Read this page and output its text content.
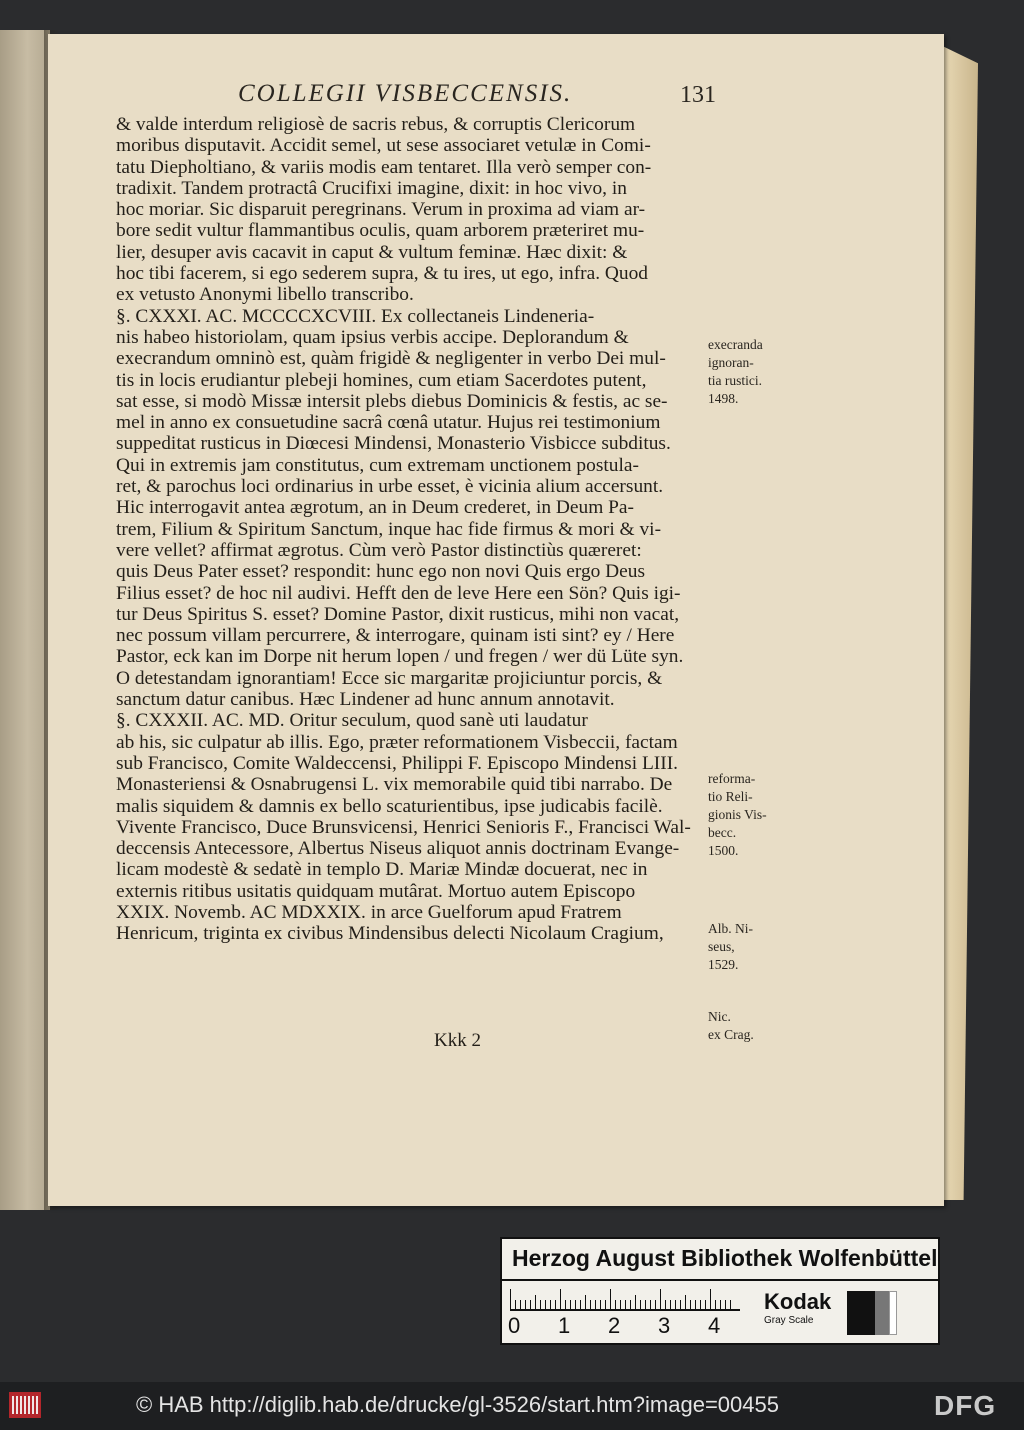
COLLEGII VISBECCENSIS.	131
& valde interdum religiosè de sacris rebus, & corruptis Clericorum
moribus disputavit. Accidit semel, ut sese associaret vetulæ in Comi-
tatu Diepholtiano, & variis modis eam tentaret. Illa verò semper con-
tradixit. Tandem protractâ Crucifixi imagine, dixit: in hoc vivo, in
hoc moriar. Sic disparuit peregrinans. Verum in proxima ad viam ar-
bore sedit vultur flammantibus oculis, quam arborem præteriret mu-
lier, desuper avis cacavit in caput & vultum feminæ. Hæc dixit: &
hoc tibi facerem, si ego sederem supra, & tu ires, ut ego, infra. Quod
ex vetusto Anonymi libello transcribo.
§. CXXXI. AC. MCCCCXCVIII. Ex collectaneis Lindeneria-
nis habeo historiolam, quam ipsius verbis accipe. Deplorandum &
execrandum omninò est, quàm frigidè & negligenter in verbo Dei mul-
tis in locis erudiantur plebeji homines, cum etiam Sacerdotes putent,
sat esse, si modò Missæ intersit plebs diebus Dominicis & festis, ac se-
mel in anno ex consuetudine sacrâ cœnâ utatur. Hujus rei testimonium
suppeditat rusticus in Diœcesi Mindensi, Monasterio Visbicce subditus.
Qui in extremis jam constitutus, cum extremam unctionem postula-
ret, & parochus loci ordinarius in urbe esset, è vicinia alium accersunt.
Hic interrogavit antea ægrotum, an in Deum crederet, in Deum Pa-
trem, Filium & Spiritum Sanctum, inque hac fide firmus & mori & vi-
vere vellet? affirmat ægrotus. Cùm verò Pastor distinctiùs quæreret:
quis Deus Pater esset? respondit: hunc ego non novi Quis ergo Deus
Filius esset? de hoc nil audivi. Hefft den de leve Here een Sön? Quis igi-
tur Deus Spiritus S. esset? Domine Pastor, dixit rusticus, mihi non vacat,
nec possum villam percurrere, & interrogare, quinam isti sint? ey / Here
Pastor, eck kan im Dorpe nit herum lopen / und fregen / wer dü Lüte syn.
O detestandam ignorantiam! Ecce sic margaritæ projiciuntur porcis, &
sanctum datur canibus. Hæc Lindener ad hunc annum annotavit.
§. CXXXII. AC. MD. Oritur seculum, quod sanè uti laudatur
ab his, sic culpatur ab illis. Ego, præter reformationem Visbeccii, factam
sub Francisco, Comite Waldeccensi, Philippi F. Episcopo Mindensi LIII.
Monasteriensi & Osnabrugensi L. vix memorabile quid tibi narrabo. De
malis siquidem & damnis ex bello scaturientibus, ipse judicabis facilè.
Vivente Francisco, Duce Brunsvicensi, Henrici Senioris F., Francisci Wal-
deccensis Antecessore, Albertus Niseus aliquot annis doctrinam Evange-
licam modestè & sedatè in templo D. Mariæ Mindæ docuerat, nec in
externis ritibus usitatis quidquam mutârat. Mortuo autem Episcopo
XXIX. Novemb. AC MDXXIX. in arce Guelforum apud Fratrem
Henricum, triginta ex civibus Mindensibus delecti Nicolaum Cragium,
execranda
ignoran-
tia rustici.
1498.
reforma-
tio Reli-
gionis Vis-
becc.
1500.
Alb. Ni-
seus,
1529.
Nic.
ex Crag.
Kkk 2
Herzog August Bibliothek Wolfenbüttel
0 1 2 3 4
Kodak
Gray Scale
© HAB http://diglib.hab.de/drucke/gl-3526/start.htm?image=00455	DFG
